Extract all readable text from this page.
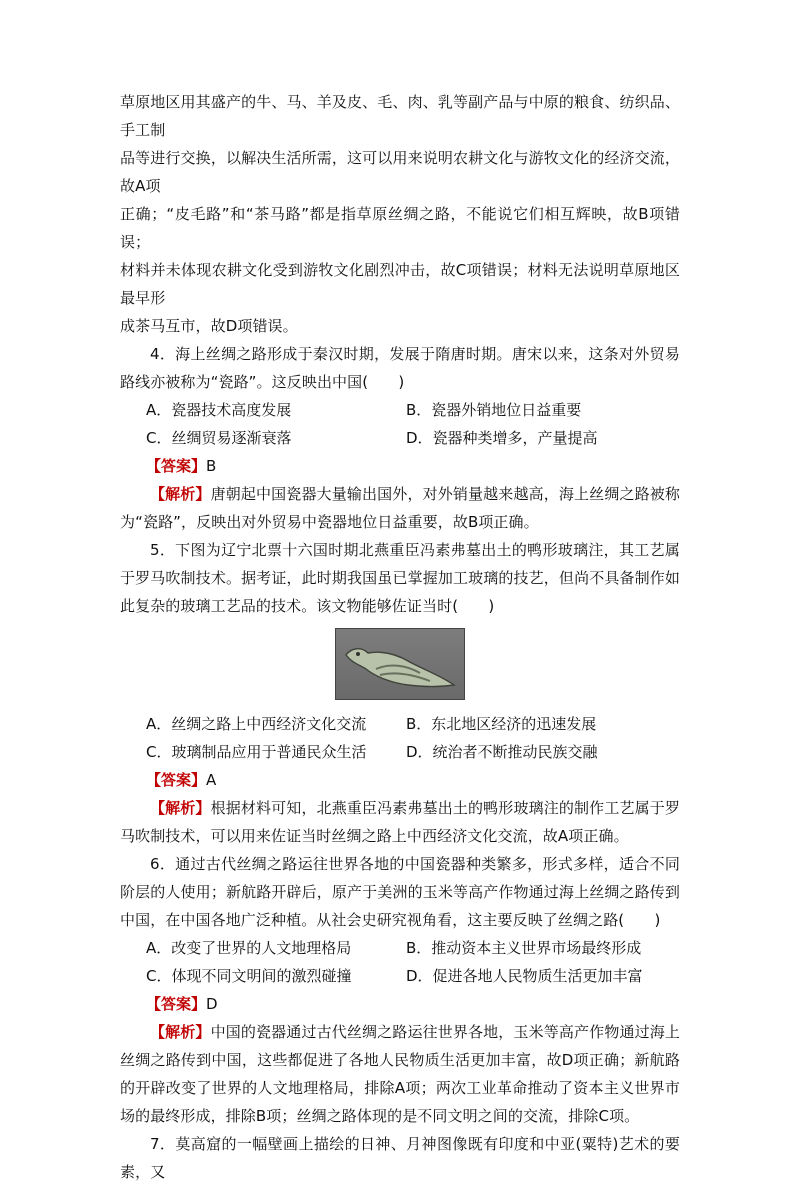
草原地区用其盛产的牛、马、羊及皮、毛、肉、乳等副产品与中原的粮食、纺织品、手工制

品等进行交换，以解决生活所需，这可以用来说明农耕文化与游牧文化的经济交流，故A项

正确；“皮毛路”和“茶马路”都是指草原丝绸之路，不能说它们相互辉映，故B项错误；

材料并未体现农耕文化受到游牧文化剧烈冲击，故C项错误；材料无法说明草原地区最早形

成茶马互市，故D项错误。

4．海上丝绸之路形成于秦汉时期，发展于隋唐时期。唐宋以来，这条对外贸易路线亦被称为“瓷路”。这反映出中国(　　)

A．瓷器技术高度发展	B．瓷器外销地位日益重要
C．丝绸贸易逐渐衰落	D．瓷器种类增多，产量提高
【答案】B

【解析】唐朝起中国瓷器大量输出国外，对外销量越来越高，海上丝绸之路被称为“瓷路”，反映出对外贸易中瓷器地位日益重要，故B项正确。

5．下图为辽宁北票十六国时期北燕重臣冯素弗墓出土的鸭形玻璃注，其工艺属于罗马吹制技术。据考证，此时期我国虽已掌握加工玻璃的技艺，但尚不具备制作如此复杂的玻璃工艺品的技术。该文物能够佐证当时(　　)

A．丝绸之路上中西经济文化交流	B．东北地区经济的迅速发展
C．玻璃制品应用于普通民众生活	D．统治者不断推动民族交融
【答案】A

【解析】根据材料可知，北燕重臣冯素弗墓出土的鸭形玻璃注的制作工艺属于罗马吹制技术，可以用来佐证当时丝绸之路上中西经济文化交流，故A项正确。

6．通过古代丝绸之路运往世界各地的中国瓷器种类繁多，形式多样，适合不同阶层的人使用；新航路开辟后，原产于美洲的玉米等高产作物通过海上丝绸之路传到中国，在中国各地广泛种植。从社会史研究视角看，这主要反映了丝绸之路(　　)

A．改变了世界的人文地理格局	B．推动资本主义世界市场最终形成
C．体现不同文明间的激烈碰撞	D．促进各地人民物质生活更加丰富
【答案】D

【解析】中国的瓷器通过古代丝绸之路运往世界各地，玉米等高产作物通过海上丝绸之路传到中国，这些都促进了各地人民物质生活更加丰富，故D项正确；新航路的开辟改变了世界的人文地理格局，排除A项；两次工业革命推动了资本主义世界市场的最终形成，排除B项；丝绸之路体现的是不同文明之间的交流，排除C项。

7．莫高窟的一幅壁画上描绘的日神、月神图像既有印度和中亚(粟特)艺术的要素，又
